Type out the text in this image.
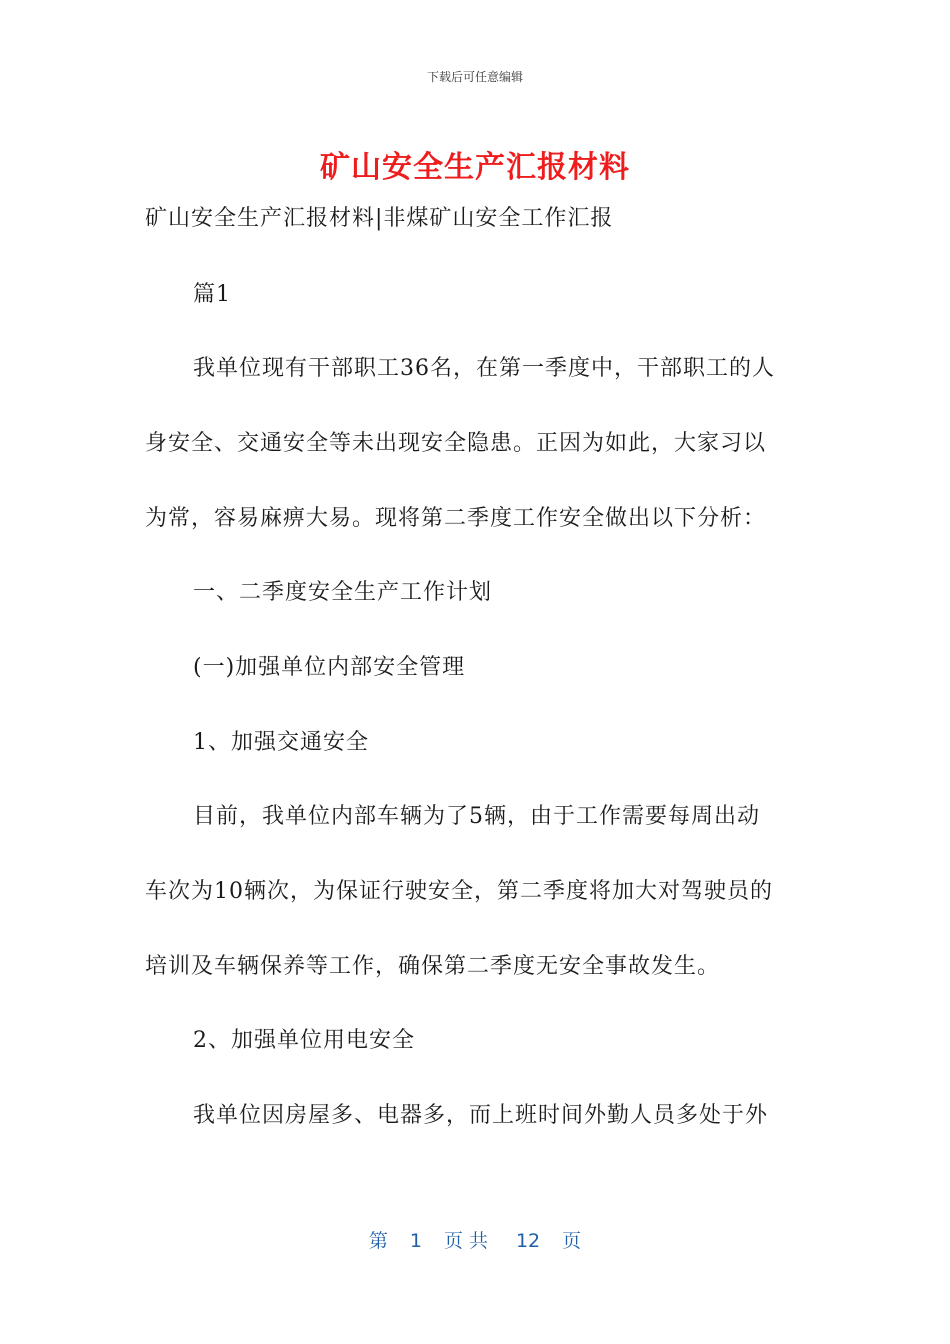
下载后可任意编辑
矿山安全生产汇报材料
矿山安全生产汇报材料|非煤矿山安全工作汇报
篇1
我单位现有干部职工36名，在第一季度中，干部职工的人
身安全、交通安全等未出现安全隐患。正因为如此，大家习以
为常，容易麻痹大易。现将第二季度工作安全做出以下分析：
一、二季度安全生产工作计划
(一)加强单位内部安全管理
1、加强交通安全
目前，我单位内部车辆为了5辆，由于工作需要每周出动
车次为10辆次，为保证行驶安全，第二季度将加大对驾驶员的
培训及车辆保养等工作，确保第二季度无安全事故发生。
2、加强单位用电安全
我单位因房屋多、电器多，而上班时间外勤人员多处于外
第 1 页共 12 页
